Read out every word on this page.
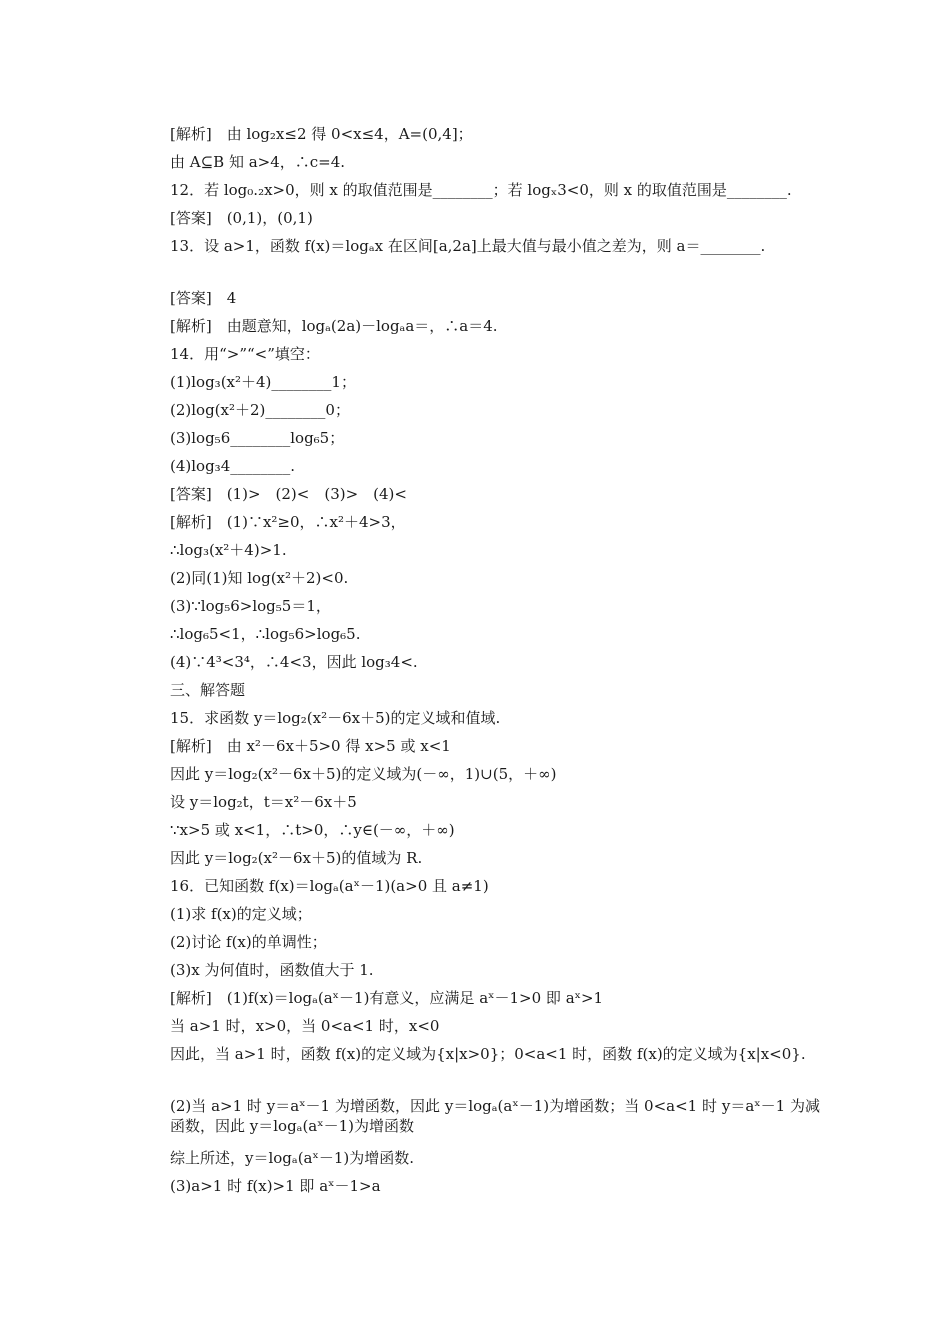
[解析]　由 log₂x≤2 得 0<x≤4，A=(0,4]；
由 A⊆B 知 a>4，∴c=4.
12．若 log₀.₂x>0，则 x 的取值范围是________；若 logₓ3<0，则 x 的取值范围是________.
[答案]　(0,1)，(0,1)
13．设 a>1，函数 f(x)＝logₐx 在区间[a,2a]上最大值与最小值之差为，则 a＝________.
[答案]　4
[解析]　由题意知，logₐ(2a)－logₐa＝，∴a＝4.
14．用“>”“<”填空：
(1)log₃(x²＋4)________1；
(2)log(x²＋2)________0；
(3)log₅6________log₆5；
(4)log₃4________.
[答案]　(1)>　(2)<　(3)>　(4)<
[解析]　(1)∵x²≥0，∴x²＋4>3，
∴log₃(x²＋4)>1.
(2)同(1)知 log(x²＋2)<0.
(3)∵log₅6>log₅5＝1，
∴log₆5<1，∴log₅6>log₆5.
(4)∵4³<3⁴，∴4<3，因此 log₃4<.
三、解答题
15．求函数 y＝log₂(x²－6x＋5)的定义域和值域.
[解析]　由 x²－6x＋5>0 得 x>5 或 x<1
因此 y＝log₂(x²－6x＋5)的定义域为(－∞，1)∪(5，＋∞)
设 y＝log₂t，t＝x²－6x＋5
∵x>5 或 x<1，∴t>0，∴y∈(－∞，＋∞)
因此 y＝log₂(x²－6x＋5)的值域为 R.
16．已知函数 f(x)＝logₐ(aˣ－1)(a>0 且 a≠1)
(1)求 f(x)的定义域；
(2)讨论 f(x)的单调性；
(3)x 为何值时，函数值大于 1.
[解析]　(1)f(x)＝logₐ(aˣ－1)有意义，应满足 aˣ－1>0 即 aˣ>1
当 a>1 时，x>0，当 0<a<1 时，x<0
因此，当 a>1 时，函数 f(x)的定义域为{x|x>0}；0<a<1 时，函数 f(x)的定义域为{x|x<0}.
(2)当 a>1 时 y＝aˣ－1 为增函数，因此 y＝logₐ(aˣ－1)为增函数；当 0<a<1 时 y＝aˣ－1 为减函数，因此 y＝logₐ(aˣ－1)为增函数
综上所述，y＝logₐ(aˣ－1)为增函数.
(3)a>1 时 f(x)>1 即 aˣ－1>a
